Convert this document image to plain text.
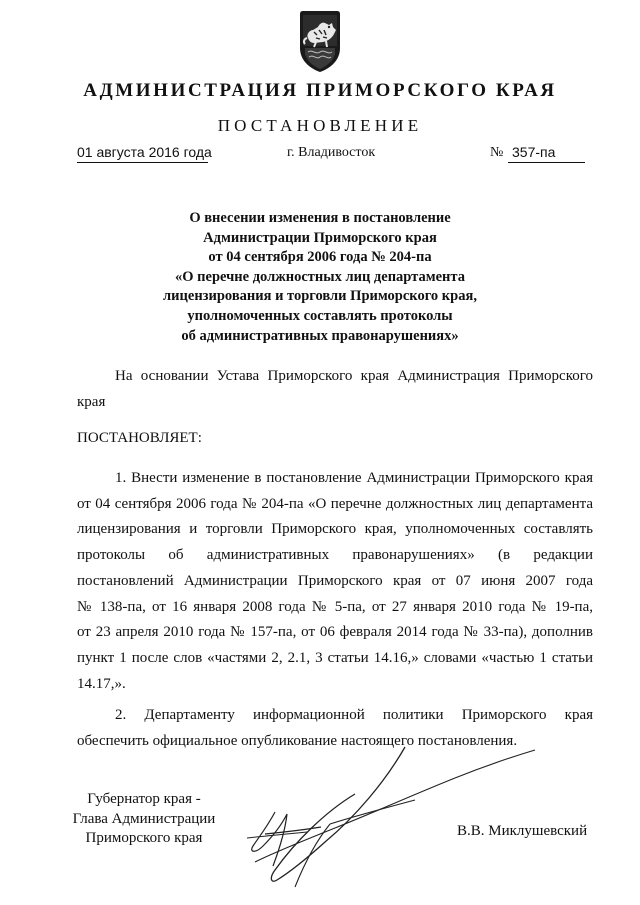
АДМИНИСТРАЦИЯ ПРИМОРСКОГО КРАЯ
ПОСТАНОВЛЕНИЕ
01 августа 2016 года	г. Владивосток	№ 357-па
О внесении изменения в постановление
Администрации Приморского края
от 04 сентября 2006 года № 204-па
«О перечне должностных лиц департамента
лицензирования и торговли Приморского края,
уполномоченных составлять протоколы
об административных правонарушениях»
На основании Устава Приморского края Администрация Приморского
края
ПОСТАНОВЛЯЕТ:
1. Внести изменение в постановление Администрации Приморского края
от 04 сентября 2006 года № 204-па «О перечне должностных лиц департамента
лицензирования и торговли Приморского края, уполномоченных составлять
протоколы об административных правонарушениях» (в редакции
постановлений Администрации Приморского края от 07 июня 2007 года
№ 138-па, от 16 января 2008 года № 5-па, от 27 января 2010 года № 19-па,
от 23 апреля 2010 года № 157-па, от 06 февраля 2014 года № 33-па), дополнив
пункт 1 после слов «частями 2, 2.1, 3 статьи 14.16,» словами «частью 1 статьи
14.17,».
2. Департаменту информационной политики Приморского края
обеспечить официальное опубликование настоящего постановления.
Губернатор края -
Глава Администрации
Приморского края	В.В. Миклушевский
